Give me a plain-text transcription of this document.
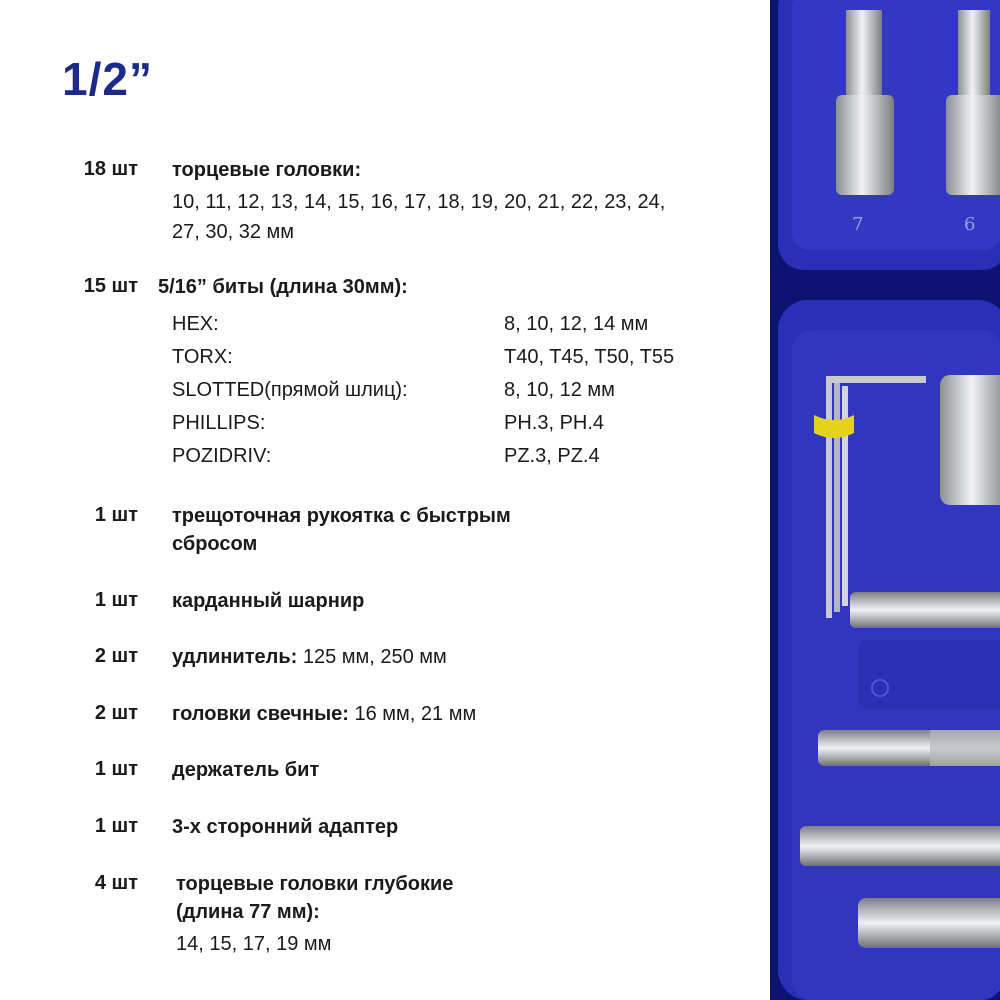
1/2”
18 шт торцевые головки:
10, 11, 12, 13, 14, 15, 16, 17, 18, 19, 20, 21, 22, 23, 24,
27, 30, 32 мм
15 шт 5/16” биты (длина 30мм):
HEX:	8, 10, 12, 14 мм
TORX:	T40, T45, T50, T55
SLOTTED(прямой шлиц):	8, 10, 12 мм
PHILLIPS:	PH.3, PH.4
POZIDRIV:	PZ.3, PZ.4
1 шт трещоточная рукоятка с быстрым
сбросом
1 шт карданный шарнир
2 шт удлинитель: 125 мм, 250 мм
2 шт головки свечные: 16 мм, 21 мм
1 шт держатель бит
1 шт 3-х сторонний адаптер
4 шт торцевые головки глубокие
(длина 77 мм):
14, 15, 17, 19 мм
7	6
